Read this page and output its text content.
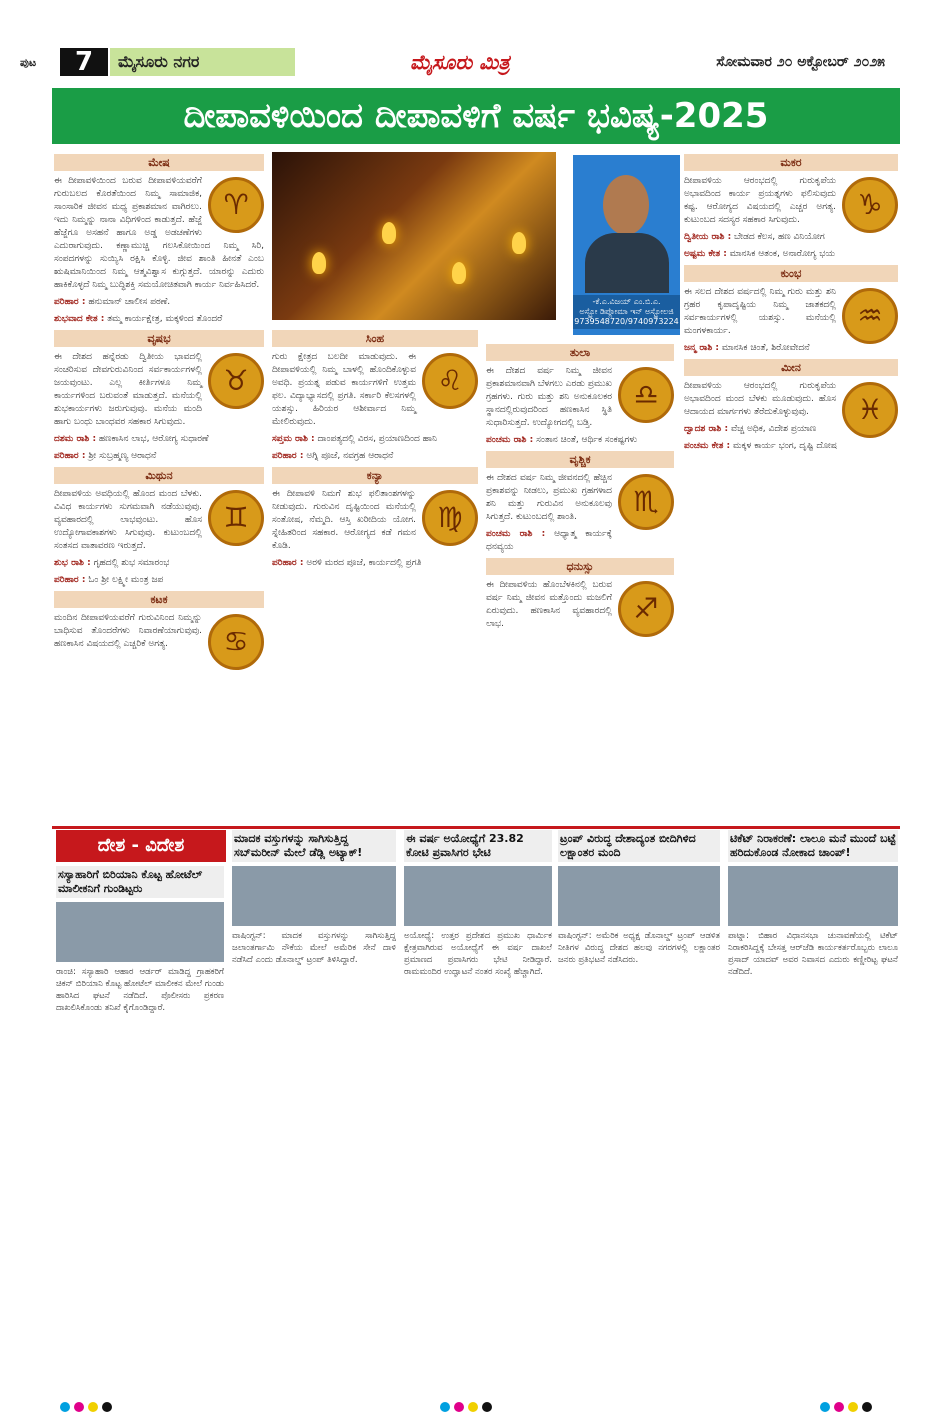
ಪುಟ	7	ಮೈಸೂರು ನಗರ	ಮೈಸೂರು ಮಿತ್ರ	ಸೋಮವಾರ ೨೦ ಅಕ್ಟೋಬರ್ ೨೦೨೫
ದೀಪಾವಳಿಯಿಂದ ದೀಪಾವಳಿಗೆ ವರ್ಷ ಭವಿಷ್ಯ-2025
-ಕೆ.ಎ.ವಿಜಯ್ ಎಂ.ಬಿ.ಎ.
ಅಸ್ಟ್ರೋ ಡಿಪ್ಲೋಮಾ ಇನ್ ಅಸ್ಟ್ರೋಲಜಿ
9739548720/9740973224
ಮೇಷ
♈

ಈ ದೀಪಾವಳಿಯಿಂದ ಬರುವ ದೀಪಾವಳಿಯವರೆಗೆ ಗುರುಬಲದ ಕೊರತೆಯಿಂದ ನಿಮ್ಮ ಸಾಮಾಜಿಕ, ಸಾಂಸಾರಿಕ ಜೀವನ ಮಧ್ಯ ಪ್ರಕಾಶಮಾನ ವಾಗಿರಲು. ಇದು ನಿಮ್ಮನ್ನು ನಾನಾ ವಿಧಿಗಳಿಂದ ಕಾಡುತ್ತದೆ. ಹೆಜ್ಜೆ ಹೆಜ್ಜೆಗೂ ಅಸಹನೆ ಹಾಗೂ ಅಡ್ಡ ಅಡಚಣೆಗಳು ಎದುರಾಗುವುದು. ಕಣ್ಣಾಮುಚ್ಚಿ ಗಲಸಿಕೋಯಿಂದ ನಿಮ್ಮ ಸಿರಿ, ಸಂಪದಗಳನ್ನು ಸುಯ್ಯಿಸಿ ರಕ್ಷಿಸಿ ಕೊಳ್ಳಿ. ಜೀವ ಶಾಂತಿ ಹೀನತೆ ಎಂಬ ಋಷಿಮಾನಿಯಿಂದ ನಿಮ್ಮ ಆತ್ಮವಿಶ್ವಾಸ ಕುಗ್ಗುತ್ತದೆ. ಯಾರನ್ನು ಎದುರು ಹಾಕಿಕೊಳ್ಳದೆ ನಿಮ್ಮ ಬುದ್ಧಿಶಕ್ತಿ ಸಮಯೋಚಿತವಾಗಿ ಕಾರ್ಯ ನಿರ್ವಹಿಸಿದರೆ.

ಪರಿಹಾರ : ಹನುಮಾನ್ ಚಾಲೀಸ ಪಠಣೆ.

ಶುಭವಾದ ಕೇತ : ತಮ್ಮ ಕಾರ್ಯಕ್ಷೇತ್ರ, ಮಕ್ಕಳಿಂದ ತೊಂದರೆ

ವೃಷಭ
♉

ಈ ದೇಶದ ಹನ್ನೆರಡು ದ್ವಿತೀಯ ಭಾವದಲ್ಲಿ ಸಂಚರಿಸುವ ದೇವಗುರುವಿನಿಂದ ಸರ್ವಕಾರ್ಯಗಳಲ್ಲಿ ಜಯವುಂಟು. ಎಲ್ಲ ಕೀರ್ತಿಗಳೂ ನಿಮ್ಮ ಕಾರ್ಯಗಳಿಂದ ಬರುವಂತೆ ಮಾಡುತ್ತದೆ. ಮನೆಯಲ್ಲಿ ಶುಭಕಾರ್ಯಗಳು ಜರುಗುವುವು. ಮನೆಯ ಮಂದಿ ಹಾಗು ಬಂಧು ಬಾಂಧವರ ಸಹಕಾರ ಸಿಗುವುದು.

ದಶಮ ರಾಶಿ : ಹಣಕಾಸಿನ ಲಾಭ, ಆರೋಗ್ಯ ಸುಧಾರಣೆ

ಪರಿಹಾರ : ಶ್ರೀ ಸುಬ್ರಹ್ಮಣ್ಯ ಆರಾಧನೆ

ಮಿಥುನ
♊

ದೀಪಾವಳಿಯ ಅವಧಿಯಲ್ಲಿ ಹೊಂದ ಮಂದ ಬೆಳಕು. ವಿವಿಧ ಕಾರ್ಯಗಳು ಸುಗಮವಾಗಿ ನಡೆಯುವುವು. ವ್ಯವಹಾರದಲ್ಲಿ ಲಾಭವುಂಟು. ಹೊಸ ಉದ್ಯೋಗಾವಕಾಶಗಳು ಸಿಗುವುವು. ಕುಟುಂಬದಲ್ಲಿ ಸಂತಸದ ವಾತಾವರಣ ಇರುತ್ತದೆ.

ಶುಭ ರಾಶಿ : ಗೃಹದಲ್ಲಿ ಶುಭ ಸಮಾರಂಭ

ಪರಿಹಾರ : ಓಂ ಶ್ರೀ ಲಕ್ಷ್ಮೀ ಮಂತ್ರ ಜಪ

ಕಟಕ
♋

ಮಂದಿನ ದೀಪಾವಳಿಯವರೆಗೆ ಗುರುವಿನಿಂದ ನಿಮ್ಮನ್ನು ಬಾಧಿಸುವ ತೊಂದರೆಗಳು ನಿವಾರಣೆಯಾಗುವುವು. ಹಣಕಾಸಿನ ವಿಷಯದಲ್ಲಿ ಎಚ್ಚರಿಕೆ ಅಗತ್ಯ.

ಸಿಂಹ
♌

ಗುರು ಕ್ಷೇತ್ರದ ಬಲದೀ ಮಾಡುವುದು. ಈ ದೀಪಾವಳಿಯಲ್ಲಿ ನಿಮ್ಮ ಬಾಳಲ್ಲಿ ಹೊಂದಿಕೊಳ್ಳುವ ಅವಧಿ. ಪ್ರಯತ್ನ ಪಡುವ ಕಾರ್ಯಗಳಿಗೆ ಉತ್ತಮ ಫಲ. ವಿದ್ಯಾಭ್ಯಾಸದಲ್ಲಿ ಪ್ರಗತಿ. ಸರ್ಕಾರಿ ಕೆಲಸಗಳಲ್ಲಿ ಯಶಸ್ಸು. ಹಿರಿಯರ ಆಶೀರ್ವಾದ ನಿಮ್ಮ ಮೇಲಿರುವುದು.

ಸಪ್ತಮ ರಾಶಿ : ದಾಂಪತ್ಯದಲ್ಲಿ ವಿರಸ, ಪ್ರಯಾಣದಿಂದ ಹಾನಿ

ಪರಿಹಾರ : ಅಗ್ನಿ ಪೂಜೆ, ನವಗ್ರಹ ಆರಾಧನೆ

ಕನ್ಯಾ
♍

ಈ ದೀಪಾವಳಿ ನಿಮಗೆ ಶುಭ ಫಲಿತಾಂಶಗಳನ್ನು ನೀಡುವುದು. ಗುರುವಿನ ದೃಷ್ಟಿಯಿಂದ ಮನೆಯಲ್ಲಿ ಸಂತೋಷ, ನೆಮ್ಮದಿ. ಆಸ್ತಿ ಖರೀದಿಯ ಯೋಗ. ಸ್ನೇಹಿತರಿಂದ ಸಹಕಾರ. ಆರೋಗ್ಯದ ಕಡೆ ಗಮನ ಕೊಡಿ.

ಪರಿಹಾರ : ಅರಳಿ ಮರದ ಪೂಜೆ, ಕಾರ್ಯದಲ್ಲಿ ಪ್ರಗತಿ

ತುಲಾ
♎

ಈ ದೇಶದ ವರ್ಷ ನಿಮ್ಮ ಜೀವನ ಪ್ರಕಾಶಮಾನವಾಗಿ ಬೆಳಗಲು ಎರಡು ಪ್ರಮುಖ ಗ್ರಹಗಳು. ಗುರು ಮತ್ತು ಶನಿ ಅನುಕೂಲಕರ ಸ್ಥಾನದಲ್ಲಿರುವುದರಿಂದ ಹಣಕಾಸಿನ ಸ್ಥಿತಿ ಸುಧಾರಿಸುತ್ತದೆ. ಉದ್ಯೋಗದಲ್ಲಿ ಬಡ್ತಿ.

ಪಂಚಮ ರಾಶಿ : ಸಂತಾನ ಚಿಂತೆ, ಆರ್ಥಿಕ ಸಂಕಷ್ಟಗಳು

ವೃಶ್ಚಿಕ
♏

ಈ ದೇಶದ ವರ್ಷ ನಿಮ್ಮ ಜೀವನದಲ್ಲಿ ಹೆಚ್ಚಿನ ಪ್ರಕಾಶವನ್ನು ನೀಡಲು, ಪ್ರಮುಖ ಗ್ರಹಗಳಾದ ಶನಿ ಮತ್ತು ಗುರುವಿನ ಅನುಕೂಲವು ಸಿಗುತ್ತದೆ. ಕುಟುಂಬದಲ್ಲಿ ಶಾಂತಿ.

ಪಂಚಮ ರಾಶಿ : ಆಧ್ಯಾತ್ಮ ಕಾರ್ಯಕ್ಕೆ ಧನವ್ಯಯ

ಧನುಸ್ಸು
♐

ಈ ದೀಪಾವಳಿಯ ಹೊಂಬೆಳಕಿನಲ್ಲಿ ಬರುವ ವರ್ಷ ನಿಮ್ಮ ಜೀವನ ಮತ್ತೊಂದು ಮಜಲಿಗೆ ಏರುವುದು. ಹಣಕಾಸಿನ ವ್ಯವಹಾರದಲ್ಲಿ ಲಾಭ.

ಮಕರ
♑

ದೀಪಾವಳಿಯ ಆರಂಭದಲ್ಲಿ ಗುರುಕೃಪೆಯ ಅಭಾವದಿಂದ ಕಾರ್ಯ ಪ್ರಯತ್ನಗಳು ಫಲಿಸುವುದು ಕಷ್ಟ. ಆರೋಗ್ಯದ ವಿಷಯದಲ್ಲಿ ಎಚ್ಚರ ಅಗತ್ಯ. ಕುಟುಂಬದ ಸದಸ್ಯರ ಸಹಕಾರ ಸಿಗುವುದು.

ದ್ವಿತೀಯ ರಾಶಿ : ಬೇಡದ ಕೆಲಸ, ಹಣ ವಿನಿಯೋಗ

ಅಷ್ಟಮ ಕೇತ : ಮಾನಸಿಕ ಆತಂಕ, ಅನಾರೋಗ್ಯ ಭಯ

ಕುಂಭ
♒

ಈ ಸಲದ ದೇಶದ ವರ್ಷದಲ್ಲಿ ನಿಮ್ಮ ಗುರು ಮತ್ತು ಶನಿ ಗ್ರಹರ ಕೃಪಾದೃಷ್ಟಿಯ ನಿಮ್ಮ ಜಾತಕದಲ್ಲಿ ಸರ್ವಕಾರ್ಯಗಳಲ್ಲಿ ಯಶಸ್ಸು. ಮನೆಯಲ್ಲಿ ಮಂಗಳಕಾರ್ಯ.

ಜನ್ಮ ರಾಶಿ : ಮಾನಸಿಕ ಚಿಂತೆ, ಶಿರೋವೇದನೆ

ಮೀನ
♓

ದೀಪಾವಳಿಯ ಆರಂಭದಲ್ಲಿ ಗುರುಕೃಪೆಯ ಅಭಾವದಿಂದ ಮಂದ ಬೆಳಕು ಮೂಡುವುದು. ಹೊಸ ಆದಾಯದ ಮಾರ್ಗಗಳು ತೆರೆದುಕೊಳ್ಳುವುವು.

ದ್ವಾದಶ ರಾಶಿ : ವೆಚ್ಚ ಅಧಿಕ, ವಿದೇಶ ಪ್ರಯಾಣ

ಪಂಚಮ ಕೇತ : ಮಕ್ಕಳ ಕಾರ್ಯ ಭಂಗ, ದೃಷ್ಟಿ ದೋಷ

ದೇಶ - ವಿದೇಶ
ಸಸ್ಯಾಹಾರಿಗೆ ಬಿರಿಯಾನಿ ಕೊಟ್ಟ ಹೋಟೆಲ್ ಮಾಲೀಕನಿಗೆ ಗುಂಡಿಟ್ಟರು

ರಾಂಚಿ: ಸಸ್ಯಾಹಾರಿ ಆಹಾರ ಆರ್ಡರ್ ಮಾಡಿದ್ದ ಗ್ರಾಹಕರಿಗೆ ಚಿಕನ್ ಬಿರಿಯಾನಿ ಕೊಟ್ಟ ಹೋಟೆಲ್ ಮಾಲೀಕನ ಮೇಲೆ ಗುಂಡು ಹಾರಿಸಿದ ಘಟನೆ ನಡೆದಿದೆ. ಪೊಲೀಸರು ಪ್ರಕರಣ ದಾಖಲಿಸಿಕೊಂಡು ತನಿಖೆ ಕೈಗೊಂಡಿದ್ದಾರೆ.

ಮಾದಕ ವಸ್ತುಗಳನ್ನು ಸಾಗಿಸುತ್ತಿದ್ದ ಸಬ್‌ಮರೀನ್ ಮೇಲೆ ಡೆಡ್ಲಿ ಅಟ್ಯಾಕ್!

ವಾಷಿಂಗ್ಟನ್: ಮಾದಕ ವಸ್ತುಗಳನ್ನು ಸಾಗಿಸುತ್ತಿದ್ದ ಜಲಾಂತರ್ಗಾಮಿ ನೌಕೆಯ ಮೇಲೆ ಅಮೆರಿಕ ಸೇನೆ ದಾಳಿ ನಡೆಸಿದೆ ಎಂದು ಡೊನಾಲ್ಡ್ ಟ್ರಂಪ್ ತಿಳಿಸಿದ್ದಾರೆ.

ಈ ವರ್ಷ ಅಯೋಧ್ಯೆಗೆ 23.82 ಕೋಟಿ ಪ್ರವಾಸಿಗರ ಭೇಟಿ

ಅಯೋಧ್ಯೆ: ಉತ್ತರ ಪ್ರದೇಶದ ಪ್ರಮುಖ ಧಾರ್ಮಿಕ ಕ್ಷೇತ್ರವಾಗಿರುವ ಅಯೋಧ್ಯೆಗೆ ಈ ವರ್ಷ ದಾಖಲೆ ಪ್ರಮಾಣದ ಪ್ರವಾಸಿಗರು ಭೇಟಿ ನೀಡಿದ್ದಾರೆ. ರಾಮಮಂದಿರ ಉದ್ಘಾಟನೆ ನಂತರ ಸಂಖ್ಯೆ ಹೆಚ್ಚಾಗಿದೆ.

ಟ್ರಂಪ್ ವಿರುದ್ಧ ದೇಶಾದ್ಯಂತ ಬೀದಿಗಿಳಿದ ಲಕ್ಷಾಂತರ ಮಂದಿ

ವಾಷಿಂಗ್ಟನ್: ಅಮೆರಿಕ ಅಧ್ಯಕ್ಷ ಡೊನಾಲ್ಡ್ ಟ್ರಂಪ್ ಆಡಳಿತ ನೀತಿಗಳ ವಿರುದ್ಧ ದೇಶದ ಹಲವು ನಗರಗಳಲ್ಲಿ ಲಕ್ಷಾಂತರ ಜನರು ಪ್ರತಿಭಟನೆ ನಡೆಸಿದರು.

ಟಿಕೆಟ್ ನಿರಾಕರಣೆ: ಲಾಲೂ ಮನೆ ಮುಂದೆ ಬಟ್ಟೆ ಹರಿದುಕೊಂಡ ನೋಕಾದ ಚಾಂಪ್!

ಪಾಟ್ನಾ: ಬಿಹಾರ ವಿಧಾನಸಭಾ ಚುನಾವಣೆಯಲ್ಲಿ ಟಿಕೆಟ್ ನಿರಾಕರಿಸಿದ್ದಕ್ಕೆ ಬೇಸತ್ತ ಆರ್‌ಜೆಡಿ ಕಾರ್ಯಕರ್ತರೊಬ್ಬರು ಲಾಲೂ ಪ್ರಸಾದ್ ಯಾದವ್ ಅವರ ನಿವಾಸದ ಎದುರು ಕಣ್ಣೀರಿಟ್ಟ ಘಟನೆ ನಡೆದಿದೆ.
